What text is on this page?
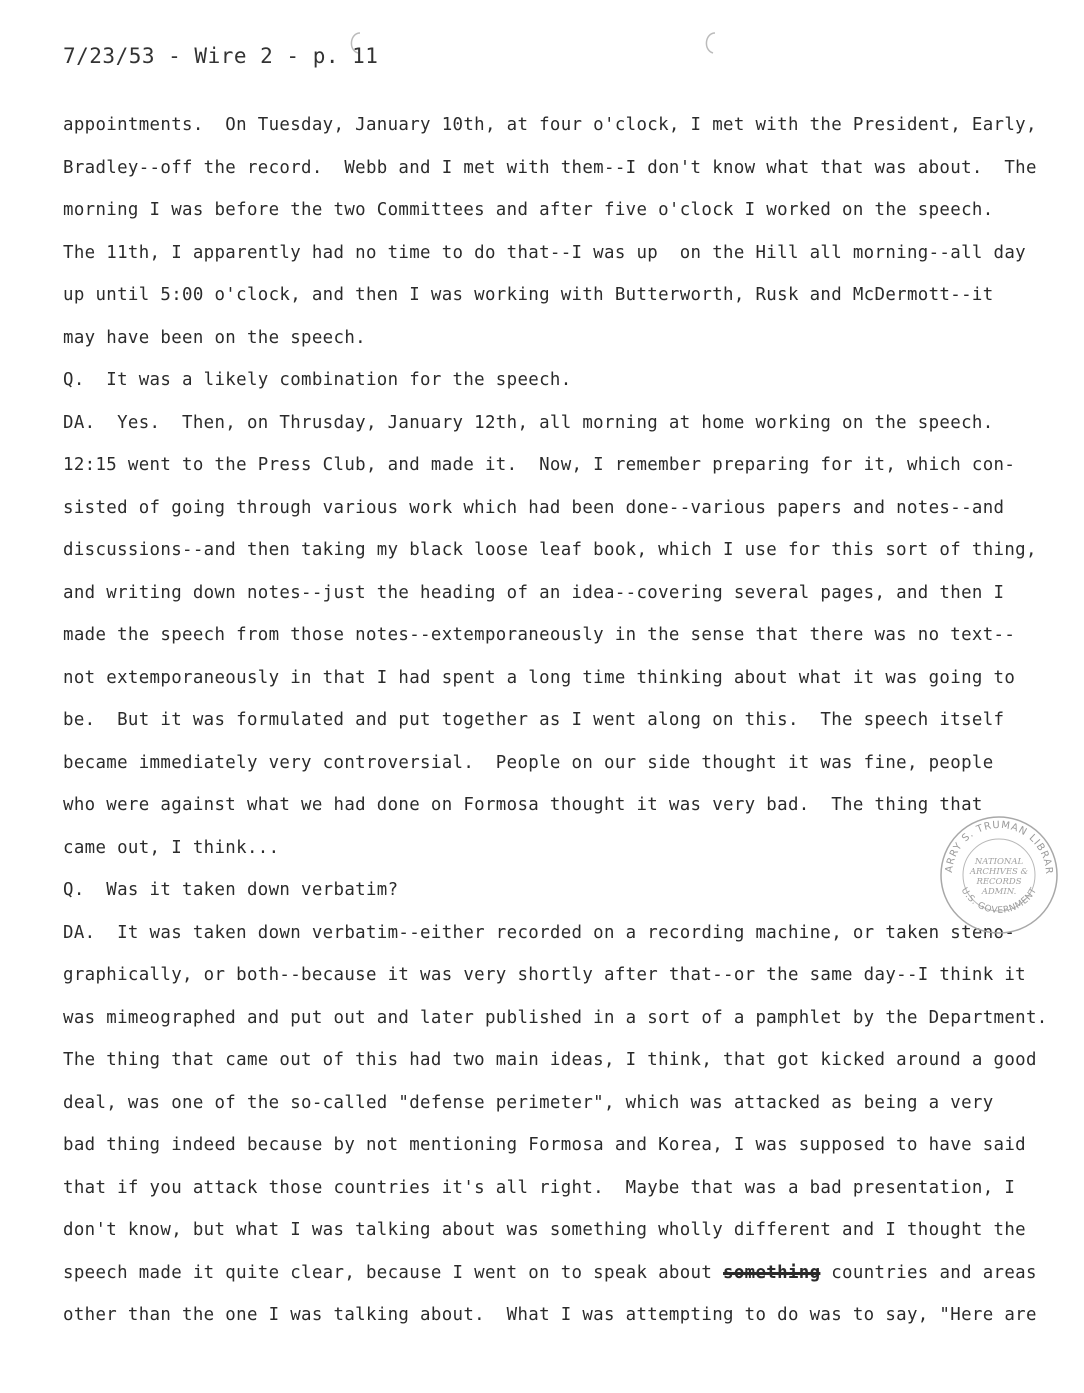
7/23/53 - Wire 2 - p. 11
appointments.  On Tuesday, January 10th, at four o'clock, I met with the President, Early,
Bradley--off the record.  Webb and I met with them--I don't know what that was about.  The
morning I was before the two Committees and after five o'clock I worked on the speech.
The 11th, I apparently had no time to do that--I was up  on the Hill all morning--all day
up until 5:00 o'clock, and then I was working with Butterworth, Rusk and McDermott--it
may have been on the speech.
Q.  It was a likely combination for the speech.
DA.  Yes.  Then, on Thrusday, January 12th, all morning at home working on the speech.
12:15 went to the Press Club, and made it.  Now, I remember preparing for it, which con-
sisted of going through various work which had been done--various papers and notes--and
discussions--and then taking my black loose leaf book, which I use for this sort of thing,
and writing down notes--just the heading of an idea--covering several pages, and then I
made the speech from those notes--extemporaneously in the sense that there was no text--
not extemporaneously in that I had spent a long time thinking about what it was going to
be.  But it was formulated and put together as I went along on this.  The speech itself
became immediately very controversial.  People on our side thought it was fine, people
who were against what we had done on Formosa thought it was very bad.  The thing that
came out, I think...
Q.  Was it taken down verbatim?
DA.  It was taken down verbatim--either recorded on a recording machine, or taken steno-
graphically, or both--because it was very shortly after that--or the same day--I think it
was mimeographed and put out and later published in a sort of a pamphlet by the Department.
The thing that came out of this had two main ideas, I think, that got kicked around a good
deal, was one of the so-called "defense perimeter", which was attacked as being a very
bad thing indeed because by not mentioning Formosa and Korea, I was supposed to have said
that if you attack those countries it's all right.  Maybe that was a bad presentation, I
don't know, but what I was talking about was something wholly different and I thought the
speech made it quite clear, because I went on to speak about something countries and areas
other than the one I was talking about.  What I was attempting to do was to say, "Here are
ARRY S. TRUMAN LIBRAR
U.S. GOVERNMENT
NATIONAL
ARCHIVES &
RECORDS
ADMIN.
